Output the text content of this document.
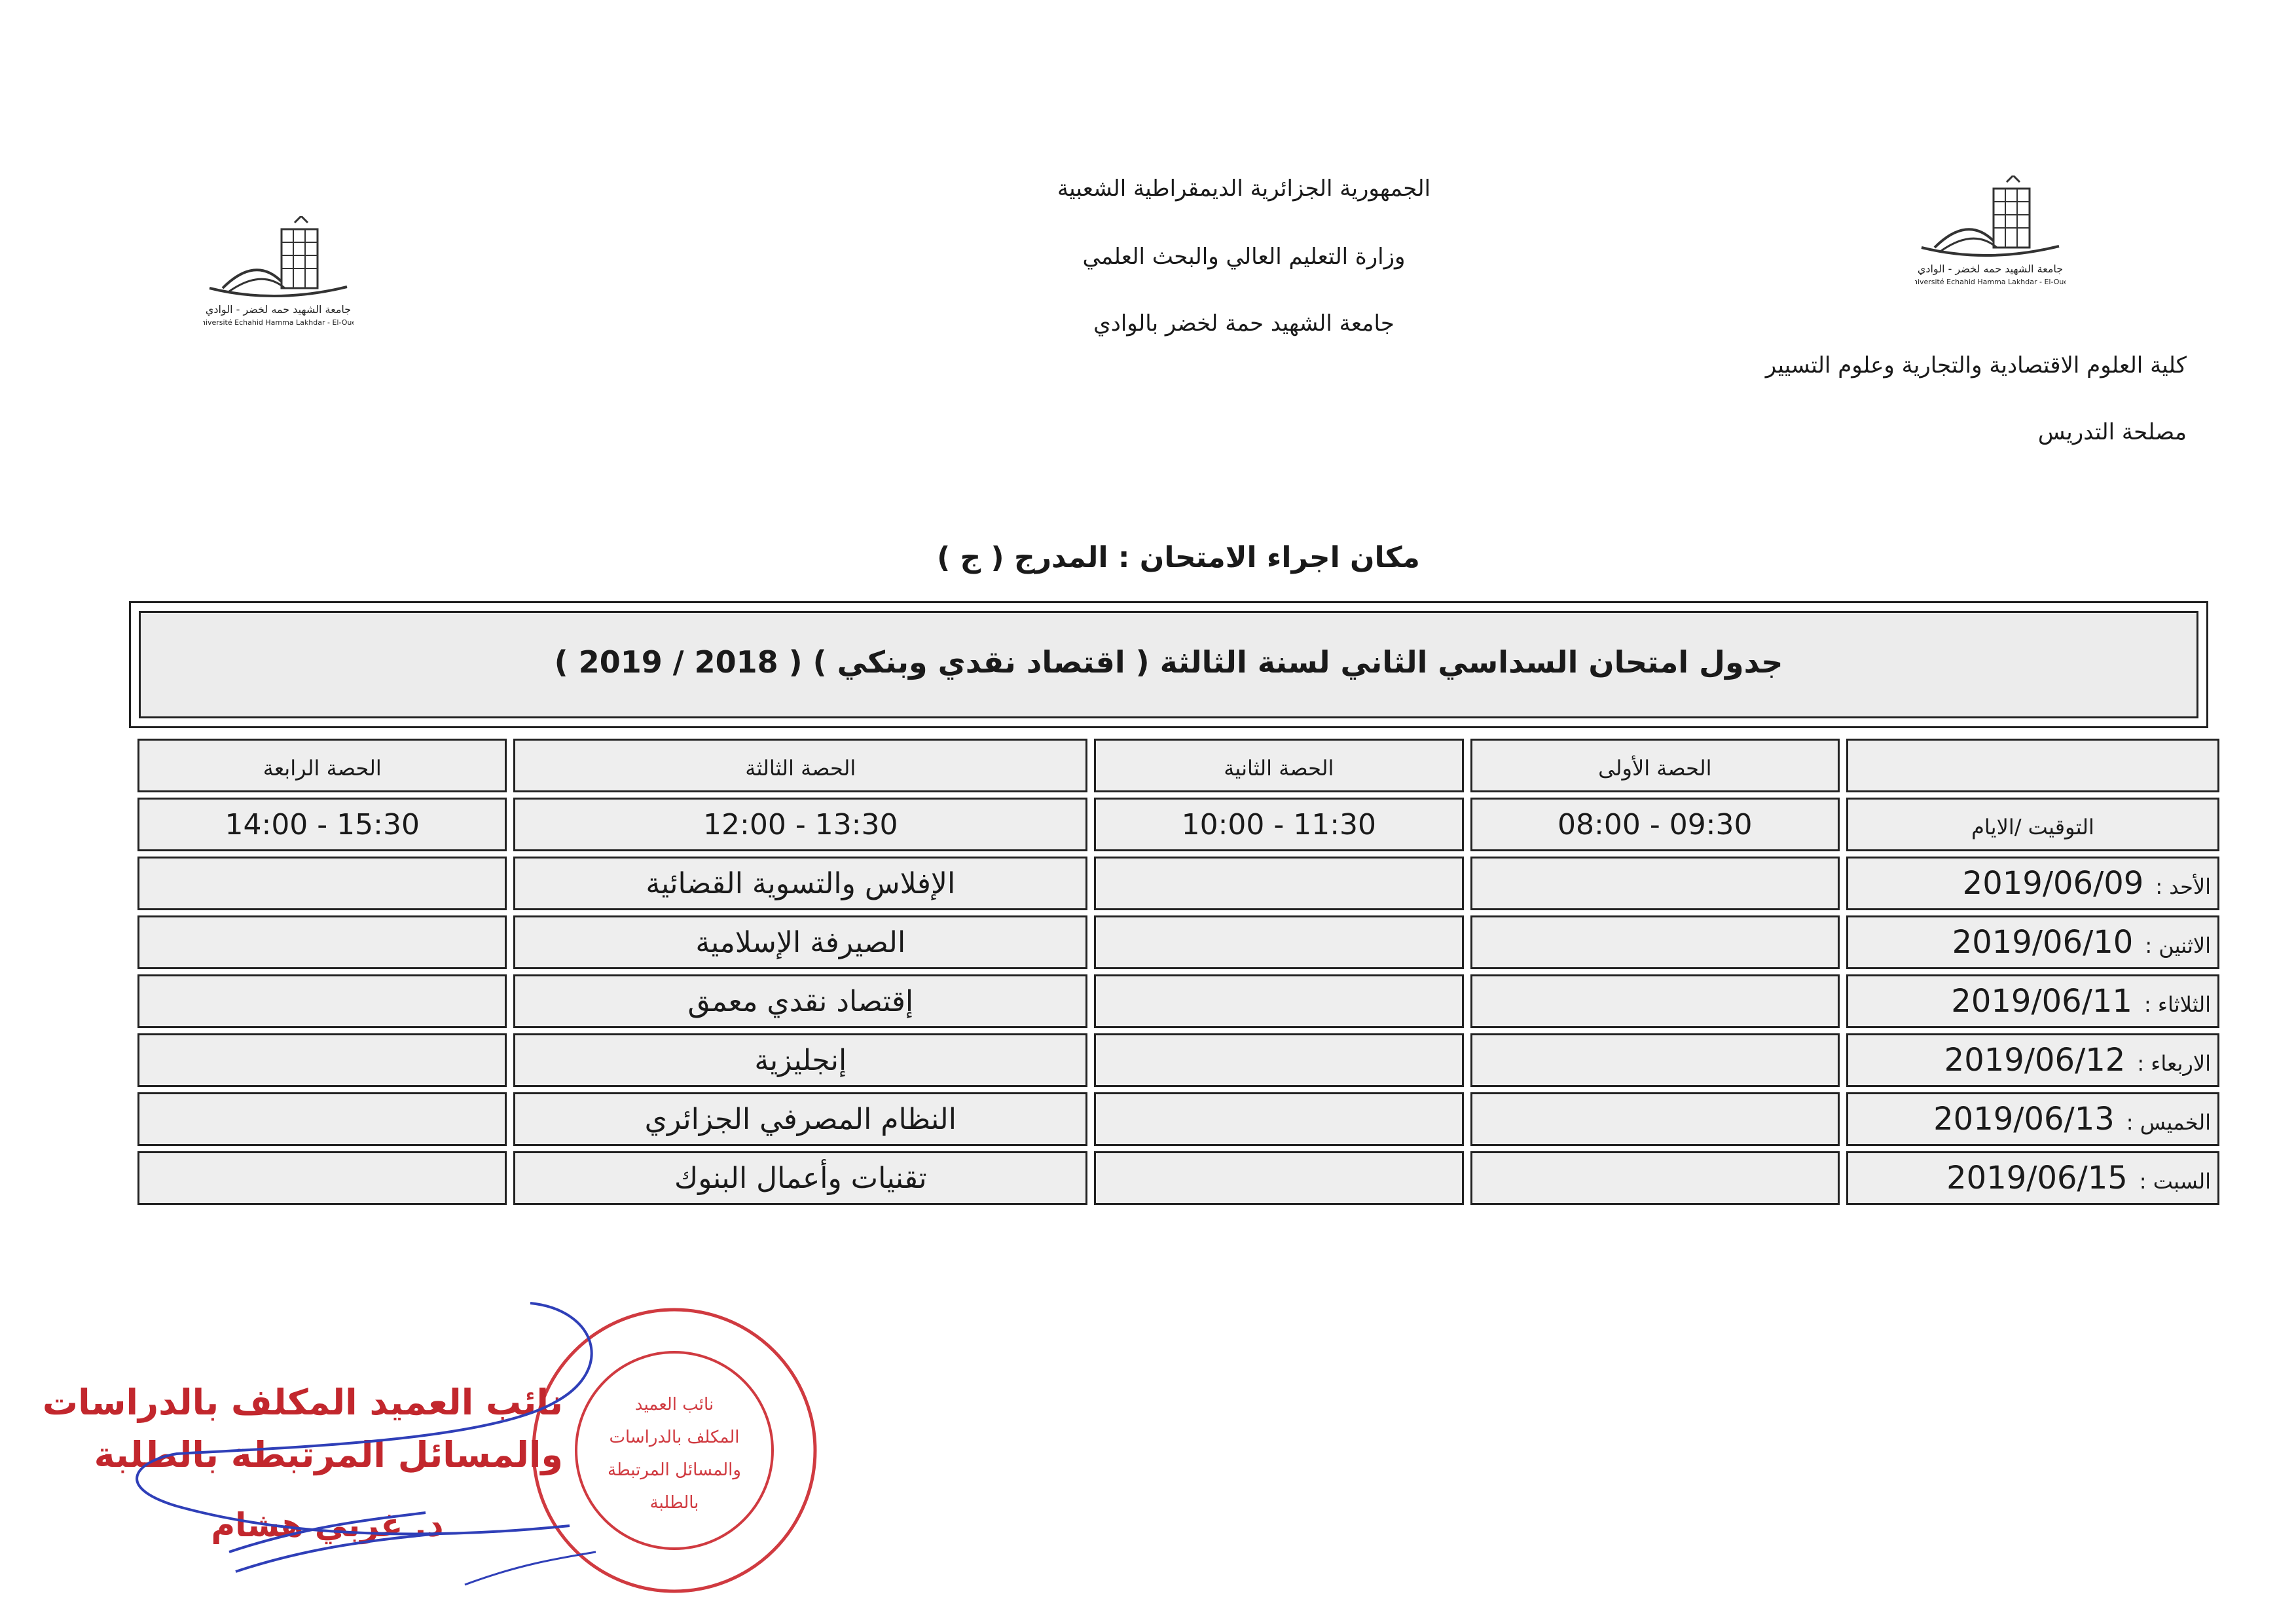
الجمهورية الجزائرية الديمقراطية الشعبية
وزارة التعليم العالي والبحث العلمي
جامعة الشهيد حمة لخضر بالوادي
كلية العلوم الاقتصادية والتجارية وعلوم التسيير
مصلحة التدريس
جامعة الشهيد حمه لخضر - الوادي
Université Echahid Hamma Lakhdar - El-Oued
جامعة الشهيد حمه لخضر - الوادي
Université Echahid Hamma Lakhdar - El-Oued
مكان اجراء الامتحان : المدرج ( ج )
جدول امتحان السداسي الثاني لسنة الثالثة ( اقتصاد نقدي وبنكي ) ( 2018 / 2019 )
	الحصة الأولى	الحصة الثانية	الحصة الثالثة	الحصة الرابعة
التوقيت /الايام	08:00 - 09:30	10:00 - 11:30	12:00 - 13:30	14:00 - 15:30
الأحد :2019/06/09			الإفلاس والتسوية القضائية	
الاثنين :2019/06/10			الصيرفة الإسلامية	
الثلاثاء :2019/06/11			إقتصاد نقدي معمق	
الاربعاء :2019/06/12			إنجليزية	
الخميس :2019/06/13			النظام المصرفي الجزائري	
السبت :2019/06/15			تقنيات وأعمال البنوك	
نائب العميد
المكلف بالدراسات
والمسائل المرتبطة
بالطلبة
نائب العميد المكلف بالدراسات
والمسائل المرتبطة بالطلبة
د. غربي هشام
